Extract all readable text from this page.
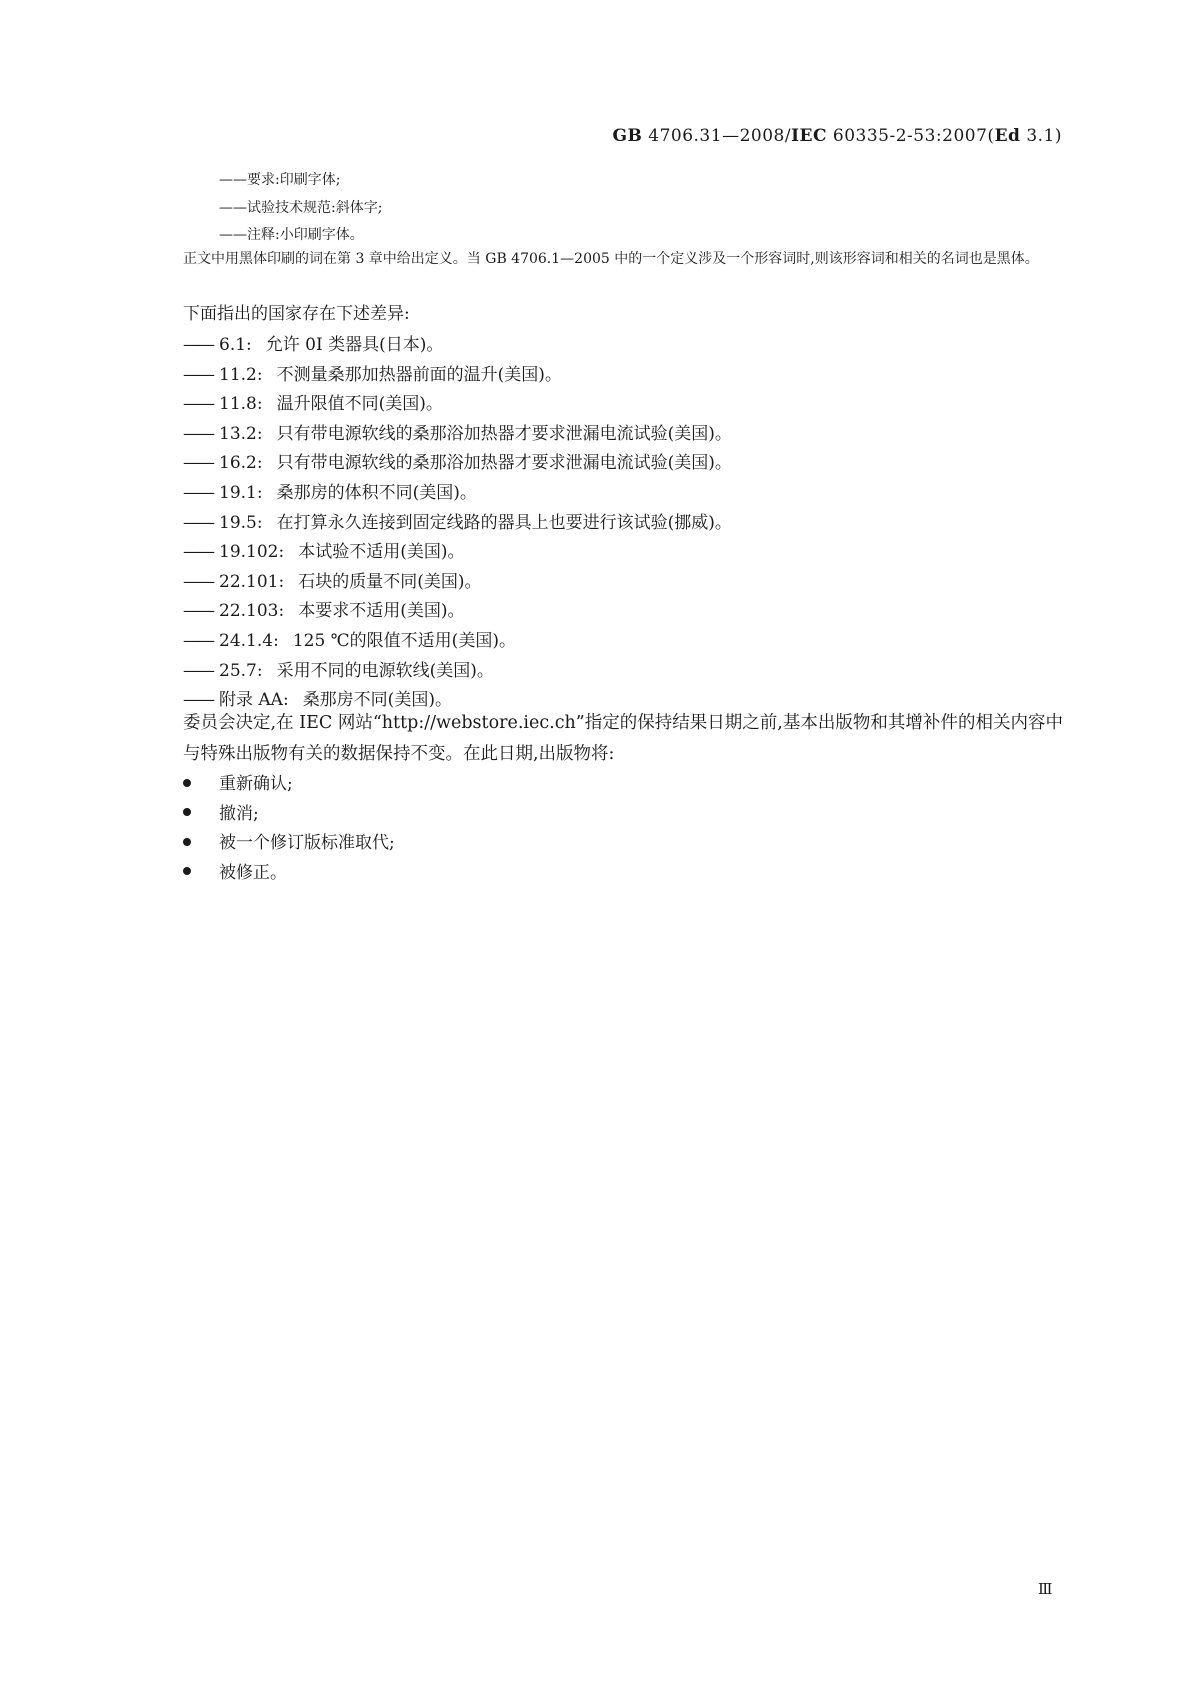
GB 4706.31—2008/IEC 60335-2-53:2007(Ed 3.1)
——要求:印刷字体;
——试验技术规范:斜体字;
——注释:小印刷字体。
正文中用黑体印刷的词在第 3 章中给出定义。当 GB 4706.1—2005 中的一个定义涉及一个形容词时,则该形容词和相关的名词也是黑体。
下面指出的国家存在下述差异:
—— 6.1: 允许 0I 类器具(日本)。
—— 11.2: 不测量桑那加热器前面的温升(美国)。
—— 11.8: 温升限值不同(美国)。
—— 13.2: 只有带电源软线的桑那浴加热器才要求泄漏电流试验(美国)。
—— 16.2: 只有带电源软线的桑那浴加热器才要求泄漏电流试验(美国)。
—— 19.1: 桑那房的体积不同(美国)。
—— 19.5: 在打算永久连接到固定线路的器具上也要进行该试验(挪威)。
—— 19.102: 本试验不适用(美国)。
—— 22.101: 石块的质量不同(美国)。
—— 22.103: 本要求不适用(美国)。
—— 24.1.4: 125 ℃的限值不适用(美国)。
—— 25.7: 采用不同的电源软线(美国)。
—— 附录 AA: 桑那房不同(美国)。
委员会决定,在 IEC 网站“http://webstore.iec.ch”指定的保持结果日期之前,基本出版物和其增补件的相关内容中与特殊出版物有关的数据保持不变。在此日期,出版物将:
重新确认;
撤消;
被一个修订版标准取代;
被修正。
Ⅲ
